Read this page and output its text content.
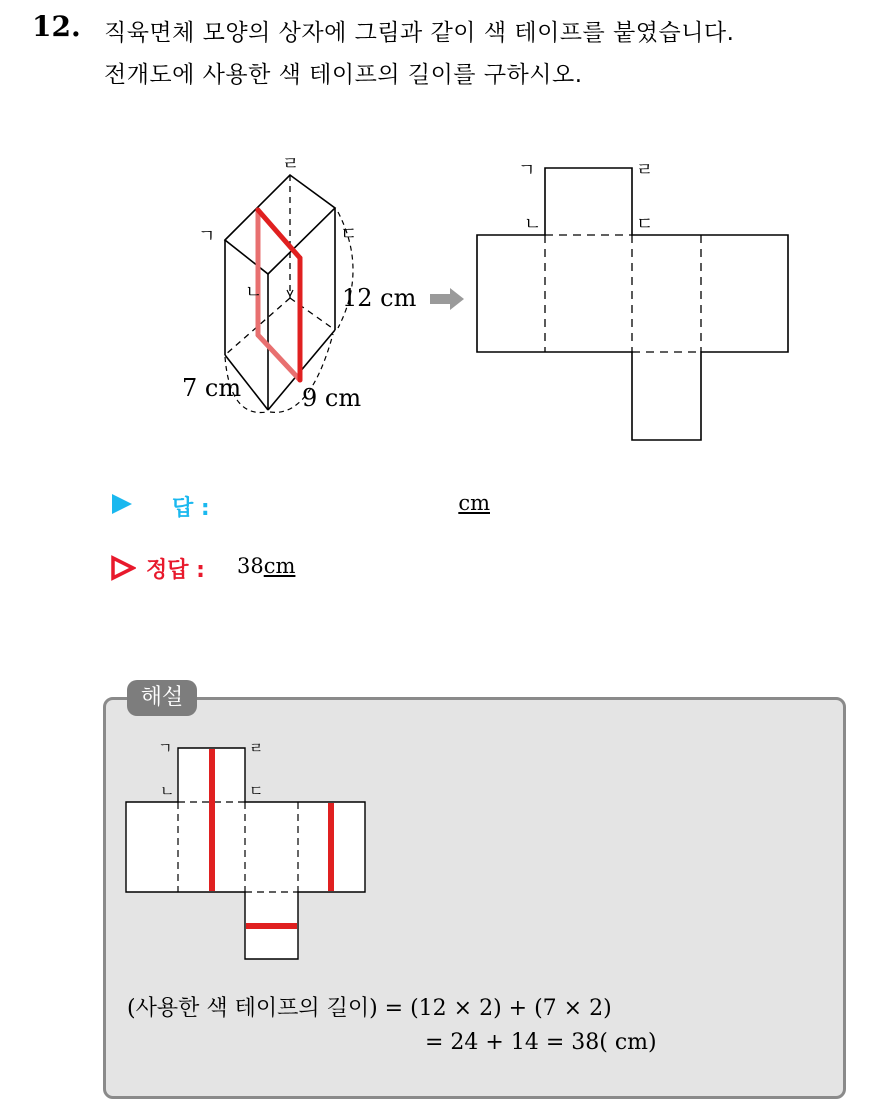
12. 직육면체 모양의 상자에 그림과 같이 색 테이프를 붙였습니다.
전개도에 사용한 색 테이프의 길이를 구하시오.
ㄹ
ㄱ	ㄷ
ㄴ	12 cm
7 cm	9 cm
ㄱ	ㄹ
ㄴ	ㄷ
답 :	cm
정답 : 38cm
해설
ㄱ	ㄹ
ㄴ	ㄷ
(사용한 색 테이프의 길이) = (12 × 2) + (7 × 2)
= 24 + 14 = 38( cm)
